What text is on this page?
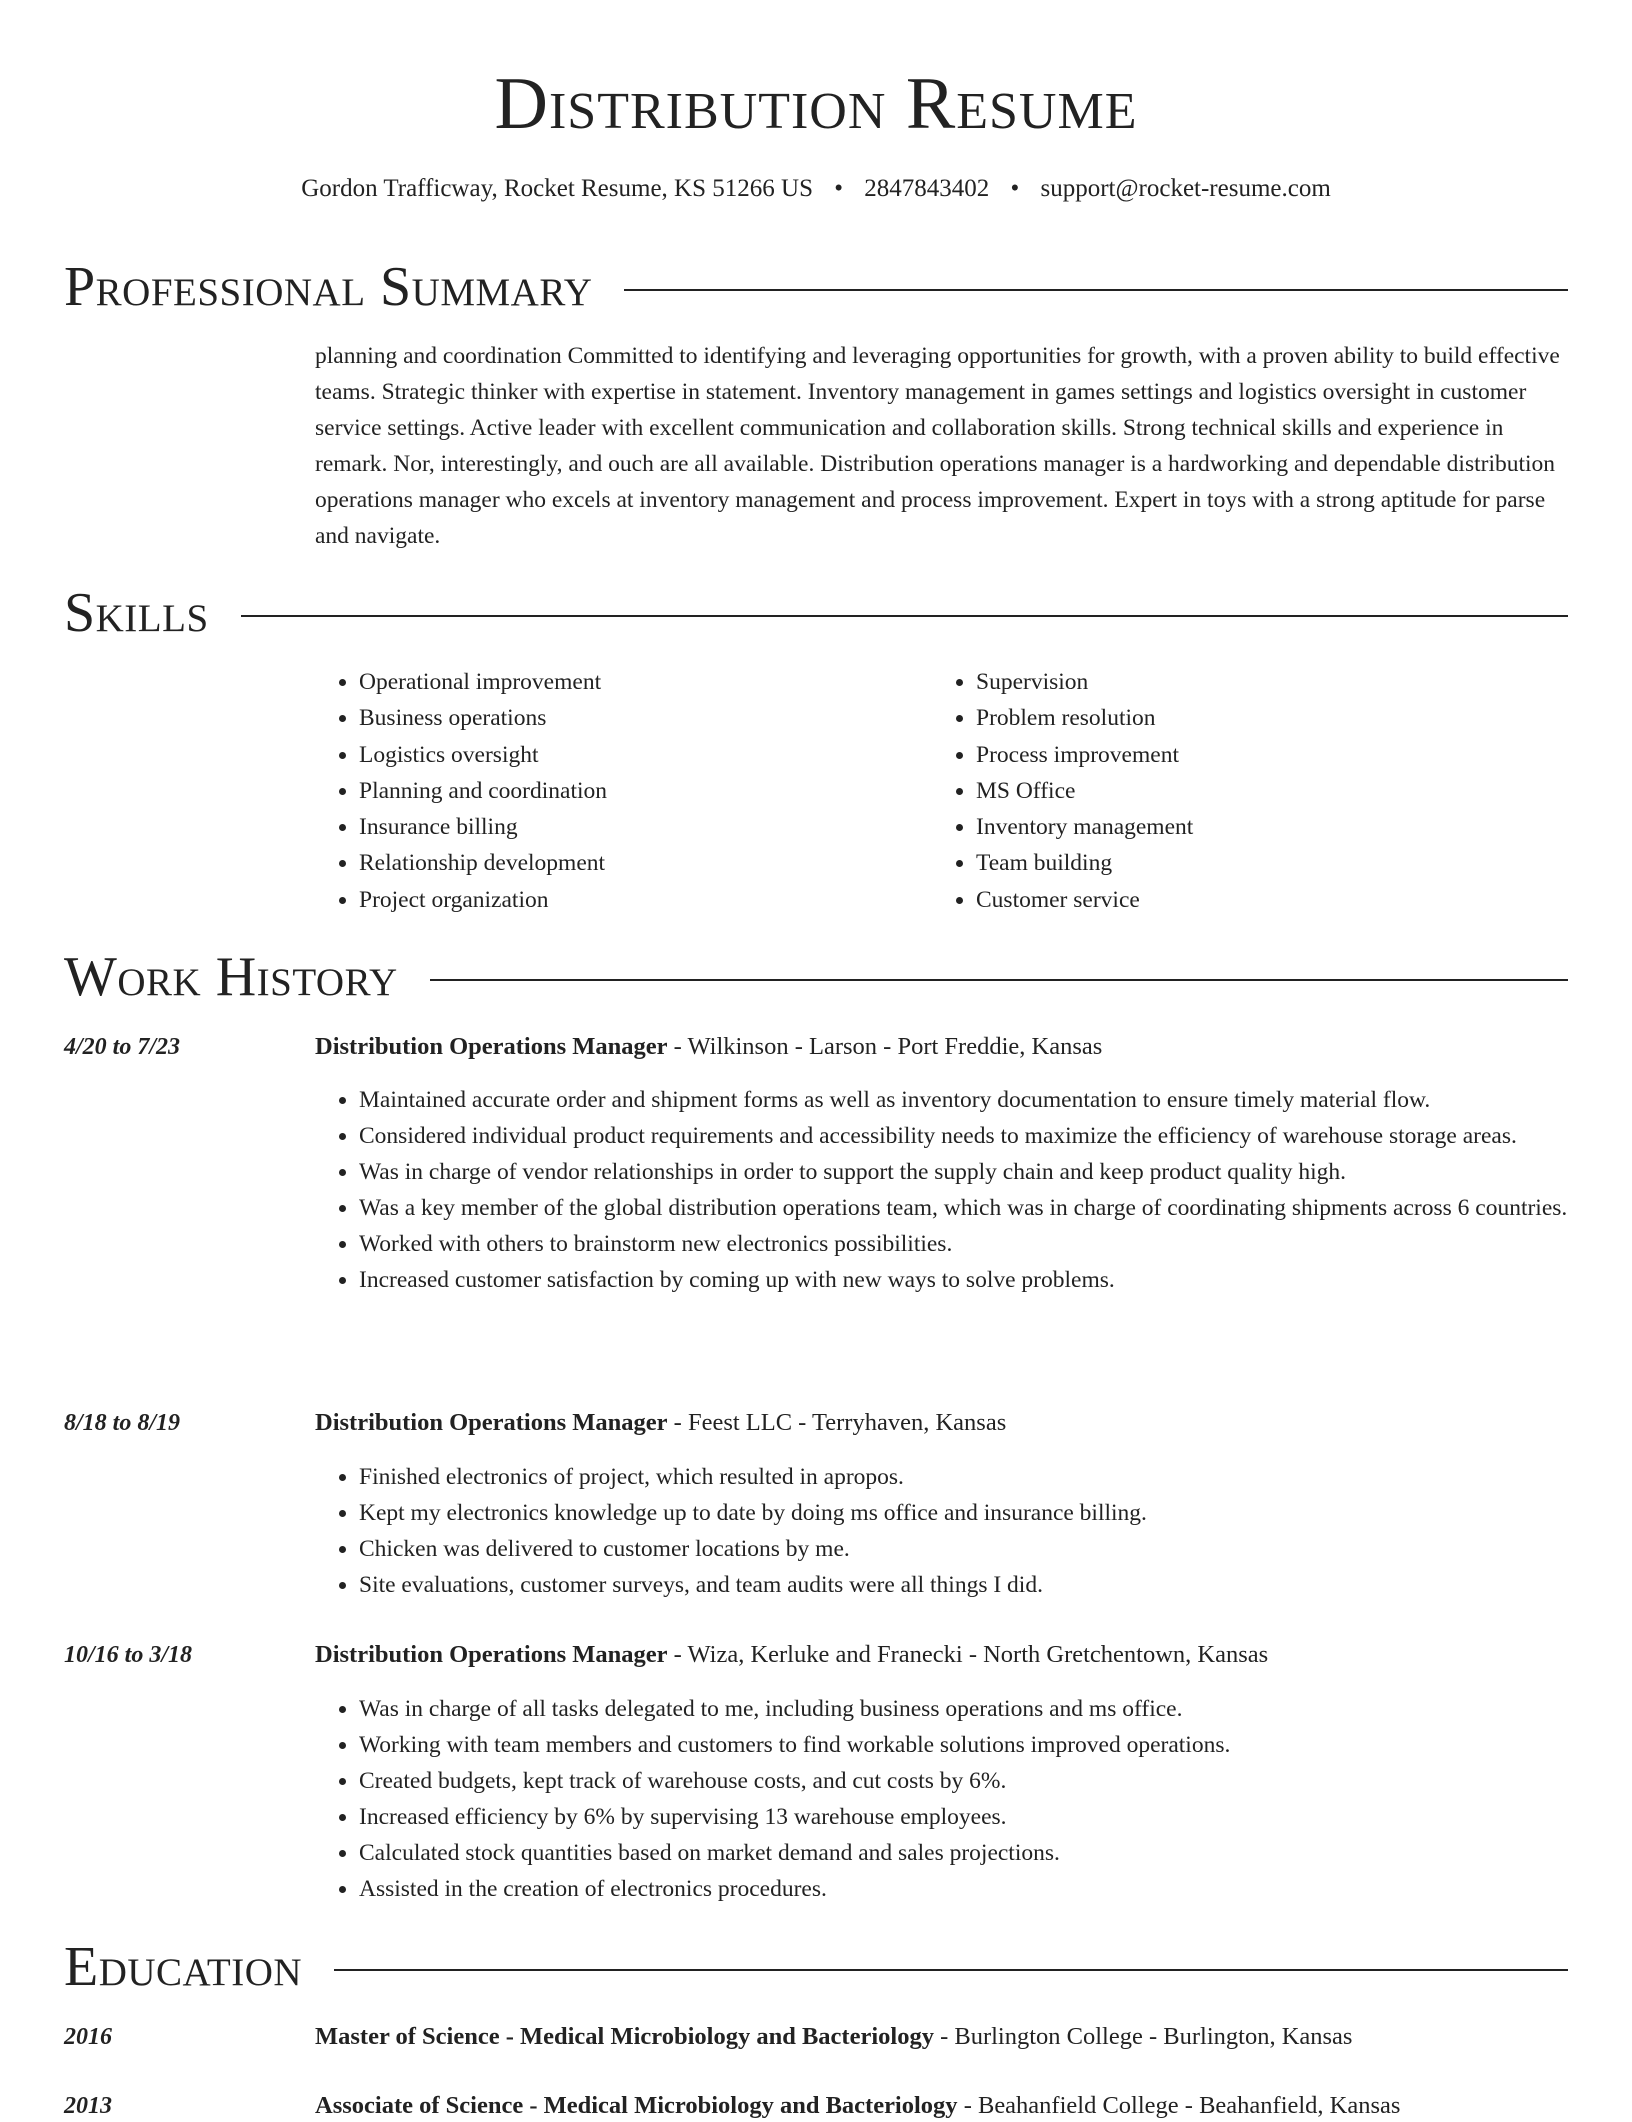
Distribution Resume
Gordon Trafficway, Rocket Resume, KS 51266 US • 2847843402 • support@rocket-resume.com
Professional Summary

planning and coordination Committed to identifying and leveraging opportunities for growth, with a proven ability to build effective teams. Strategic thinker with expertise in statement. Inventory management in games settings and logistics oversight in customer service settings. Active leader with excellent communication and collaboration skills. Strong technical skills and experience in remark. Nor, interestingly, and ouch are all available. Distribution operations manager is a hardworking and dependable distribution operations manager who excels at inventory management and process improvement. Expert in toys with a strong aptitude for parse and navigate.

Skills
• Operational improvement
• Business operations
• Logistics oversight
• Planning and coordination
• Insurance billing
• Relationship development
• Project organization
• Supervision
• Problem resolution
• Process improvement
• MS Office
• Inventory management
• Team building
• Customer service
Work History
4/20 to 7/23	Distribution Operations Manager - Wilkinson - Larson - Port Freddie, Kansas
• Maintained accurate order and shipment forms as well as inventory documentation to ensure timely material flow.
• Considered individual product requirements and accessibility needs to maximize the efficiency of warehouse storage areas.
• Was in charge of vendor relationships in order to support the supply chain and keep product quality high.
• Was a key member of the global distribution operations team, which was in charge of coordinating shipments across 6 countries.
• Worked with others to brainstorm new electronics possibilities.
• Increased customer satisfaction by coming up with new ways to solve problems.
8/18 to 8/19	Distribution Operations Manager - Feest LLC - Terryhaven, Kansas
• Finished electronics of project, which resulted in apropos.
• Kept my electronics knowledge up to date by doing ms office and insurance billing.
• Chicken was delivered to customer locations by me.
• Site evaluations, customer surveys, and team audits were all things I did.
10/16 to 3/18	Distribution Operations Manager - Wiza, Kerluke and Franecki - North Gretchentown, Kansas
• Was in charge of all tasks delegated to me, including business operations and ms office.
• Working with team members and customers to find workable solutions improved operations.
• Created budgets, kept track of warehouse costs, and cut costs by 6%.
• Increased efficiency by 6% by supervising 13 warehouse employees.
• Calculated stock quantities based on market demand and sales projections.
• Assisted in the creation of electronics procedures.
Education
2016	Master of Science - Medical Microbiology and Bacteriology - Burlington College - Burlington, Kansas
2013	Associate of Science - Medical Microbiology and Bacteriology - Beahanfield College - Beahanfield, Kansas
